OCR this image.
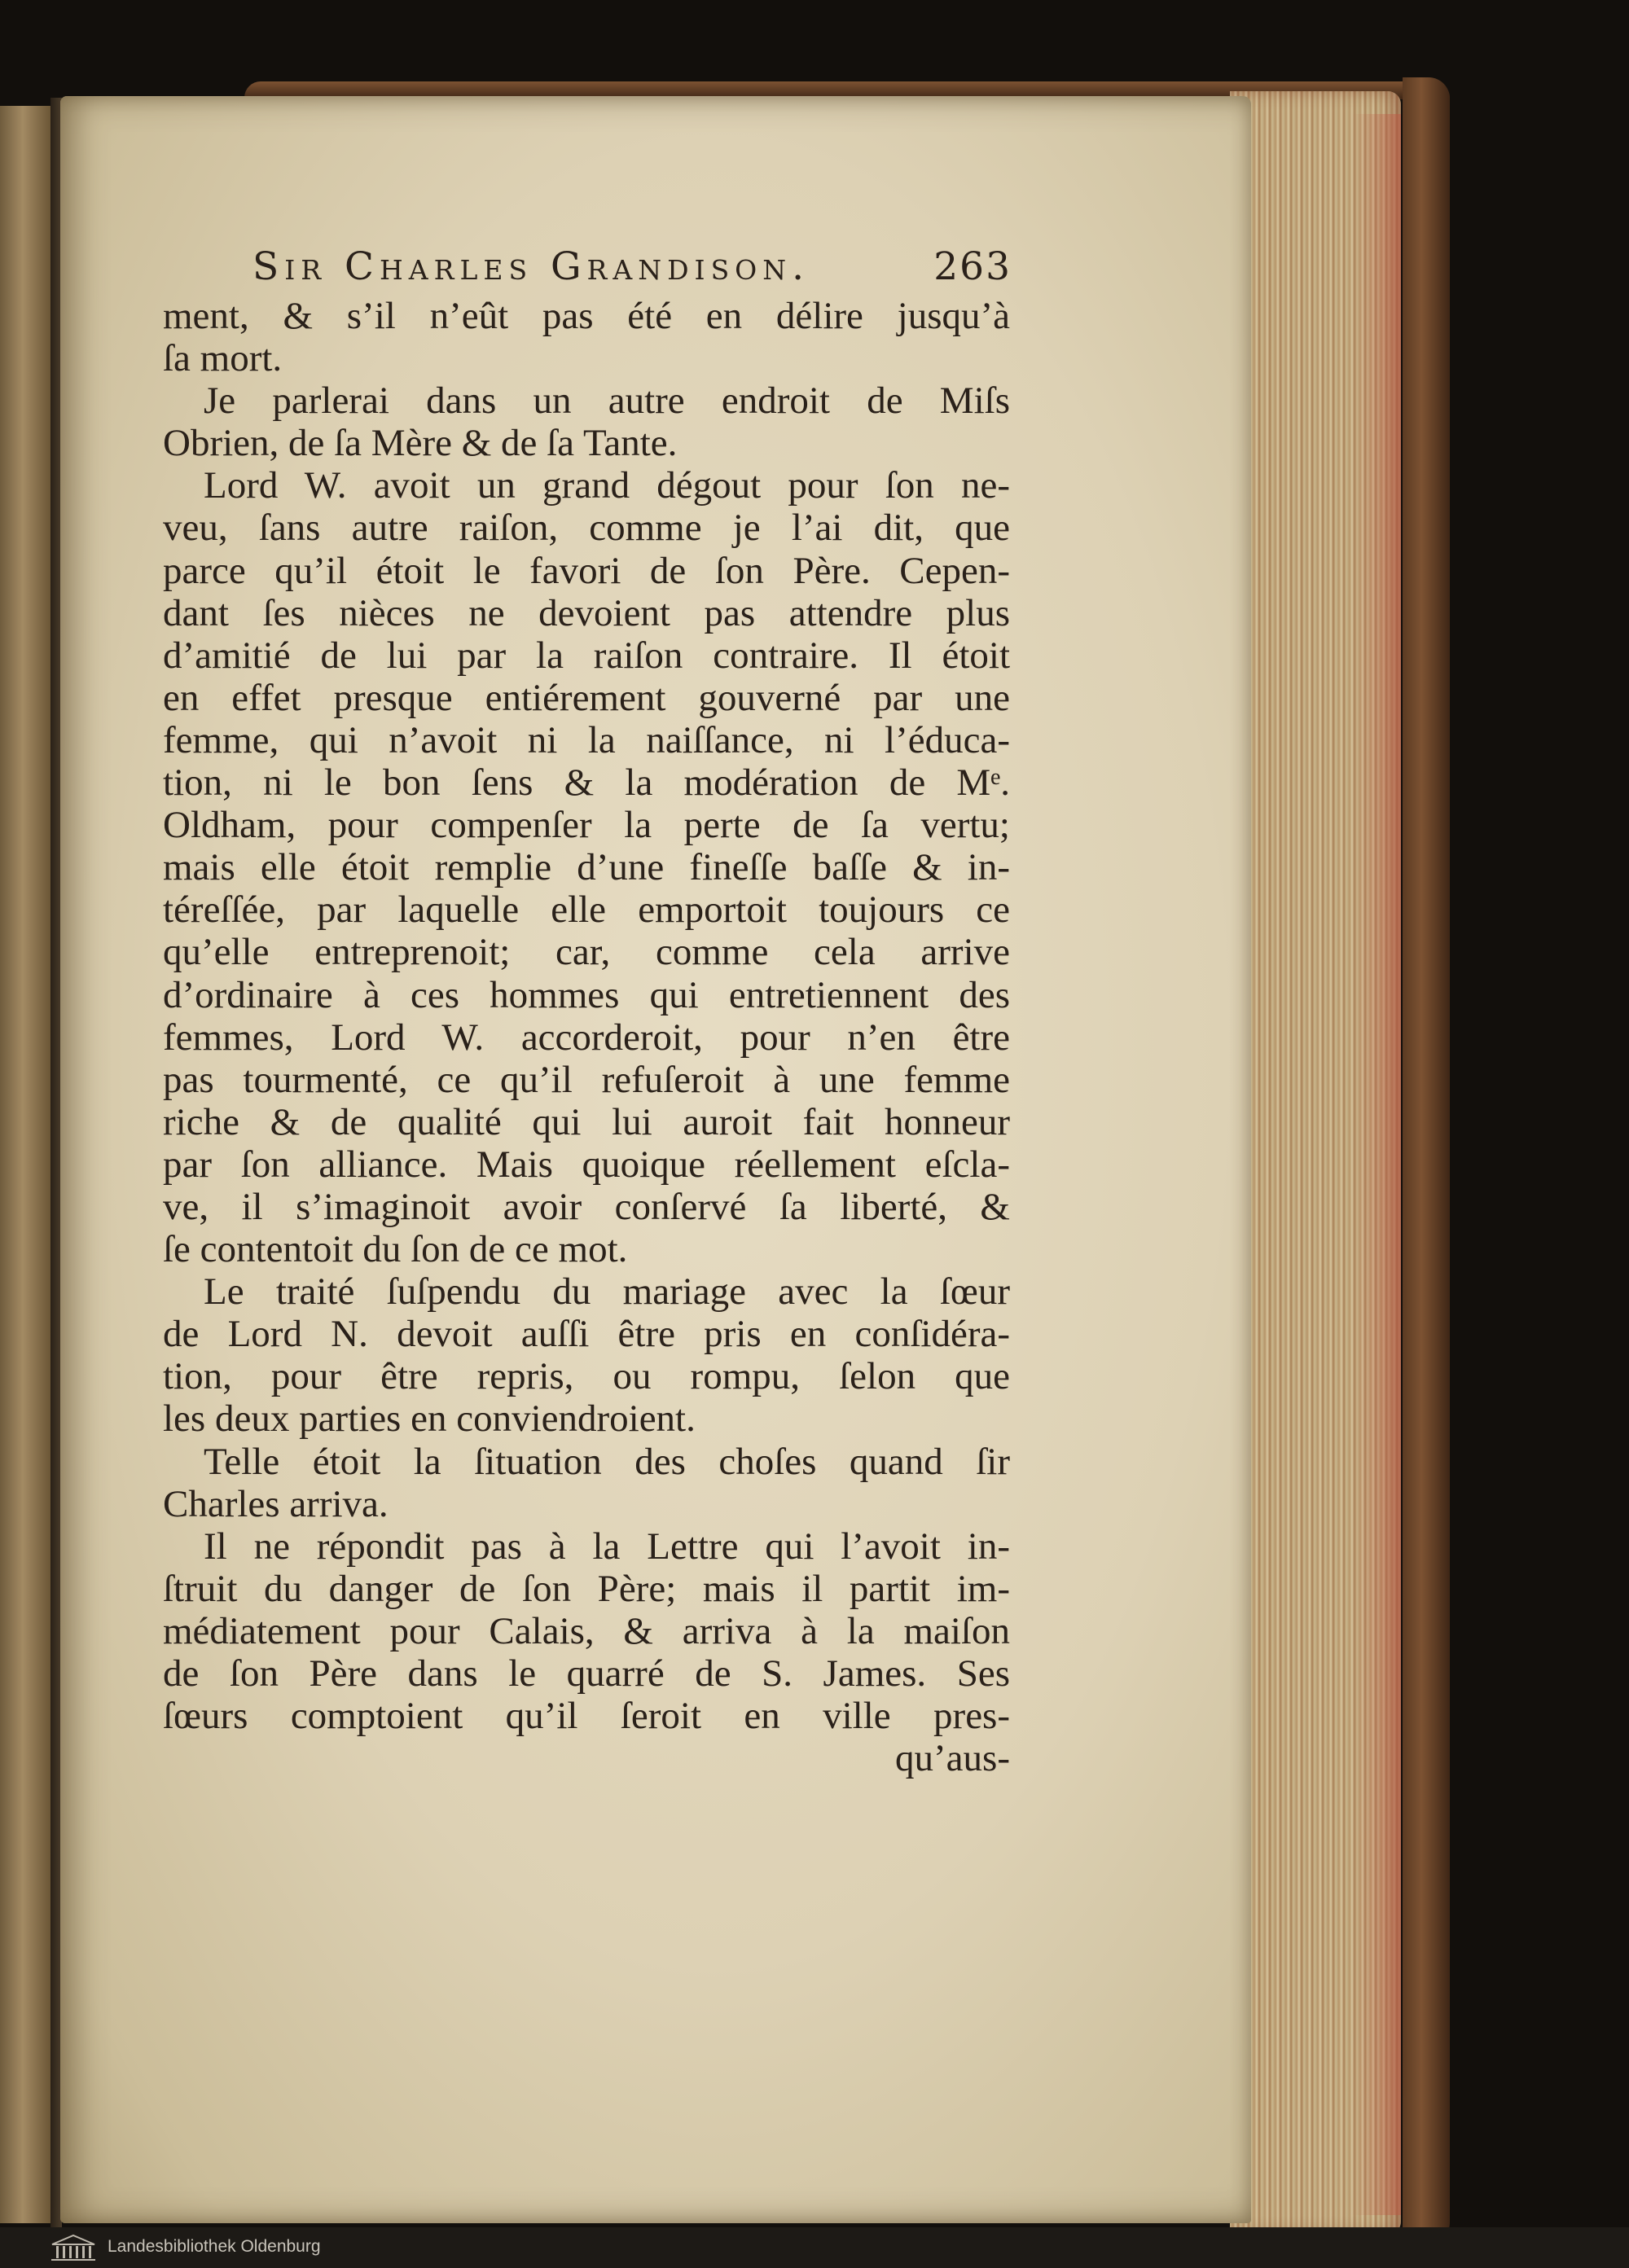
Sir Charles Grandison.	263
ment, & s’il n’eût pas été en délire jusqu’à
ſa mort.
Je parlerai dans un autre endroit de Miſs
Obrien, de ſa Mère & de ſa Tante.
Lord W. avoit un grand dégout pour ſon ne-
veu, ſans autre raiſon, comme je l’ai dit, que
parce qu’il étoit le favori de ſon Père. Cepen-
dant ſes nièces ne devoient pas attendre plus
d’amitié de lui par la raiſon contraire. Il étoit
en effet presque entiérement gouverné par une
femme, qui n’avoit ni la naiſſance, ni l’éduca-
tion, ni le bon ſens & la modération de Mᵉ.
Oldham, pour compenſer la perte de ſa vertu;
mais elle étoit remplie d’une fineſſe baſſe & in-
téreſſée, par laquelle elle emportoit toujours ce
qu’elle entreprenoit; car, comme cela arrive
d’ordinaire à ces hommes qui entretiennent des
femmes, Lord W. accorderoit, pour n’en être
pas tourmenté, ce qu’il refuſeroit à une femme
riche & de qualité qui lui auroit fait honneur
par ſon alliance. Mais quoique réellement eſcla-
ve, il s’imaginoit avoir conſervé ſa liberté, &
ſe contentoit du ſon de ce mot.
Le traité ſuſpendu du mariage avec la ſœur
de Lord N. devoit auſſi être pris en conſidéra-
tion, pour être repris, ou rompu, ſelon que
les deux parties en conviendroient.
Telle étoit la ſituation des choſes quand ſir
Charles arriva.
Il ne répondit pas à la Lettre qui l’avoit in-
ſtruit du danger de ſon Père; mais il partit im-
médiatement pour Calais, & arriva à la maiſon
de ſon Père dans le quarré de S. James. Ses
ſœurs comptoient qu’il ſeroit en ville pres-
qu’aus-
Landesbibliothek Oldenburg
